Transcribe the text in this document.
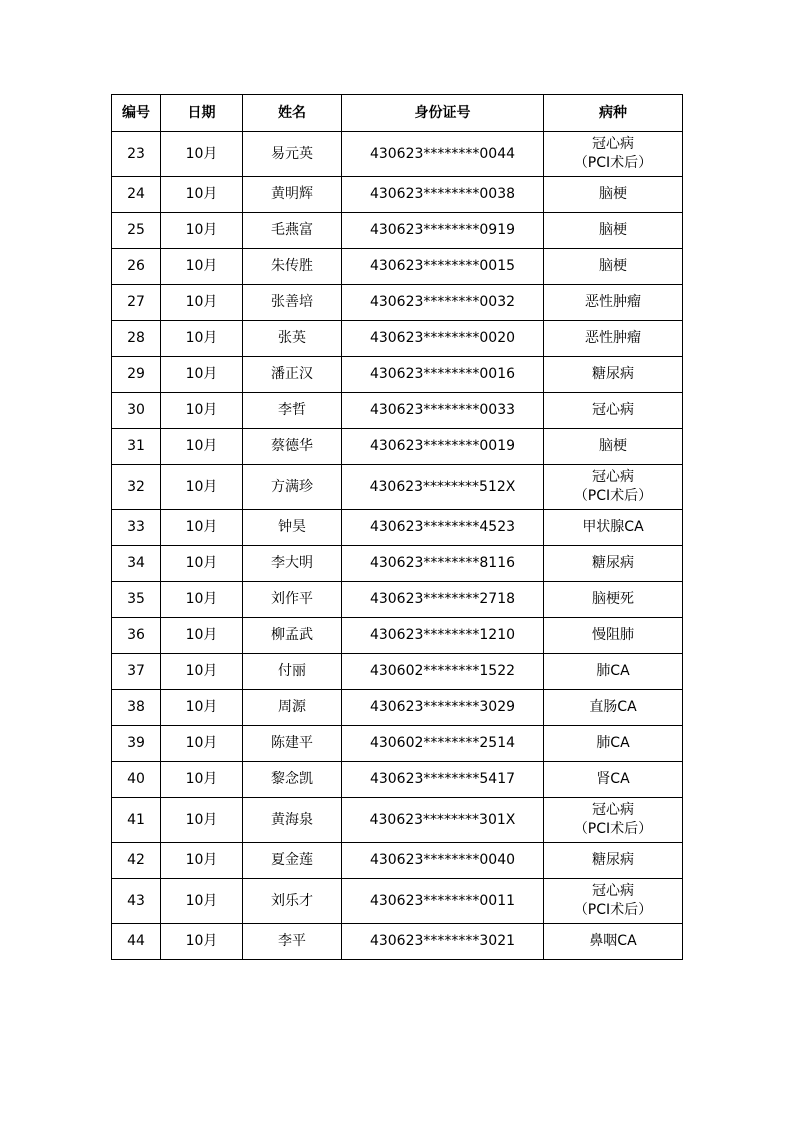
编号	日期	姓名	身份证号	病种
23	10月	易元英	430623********0044	冠心病
（PCI术后）

24	10月	黄明辉	430623********0038	脑梗

25	10月	毛燕富	430623********0919	脑梗

26	10月	朱传胜	430623********0015	脑梗

27	10月	张善培	430623********0032	恶性肿瘤

28	10月	张英	430623********0020	恶性肿瘤

29	10月	潘正汉	430623********0016	糖尿病

30	10月	李哲	430623********0033	冠心病

31	10月	蔡德华	430623********0019	脑梗

32	10月	方满珍	430623********512X	冠心病
（PCI术后）

33	10月	钟昊	430623********4523	甲状腺CA

34	10月	李大明	430623********8116	糖尿病

35	10月	刘作平	430623********2718	脑梗死

36	10月	柳孟武	430623********1210	慢阻肺

37	10月	付丽	430602********1522	肺CA

38	10月	周源	430623********3029	直肠CA

39	10月	陈建平	430602********2514	肺CA

40	10月	黎念凯	430623********5417	肾CA

41	10月	黄海泉	430623********301X	冠心病
（PCI术后）

42	10月	夏金莲	430623********0040	糖尿病

43	10月	刘乐才	430623********0011	冠心病
（PCI术后）

44	10月	李平	430623********3021	鼻咽CA
